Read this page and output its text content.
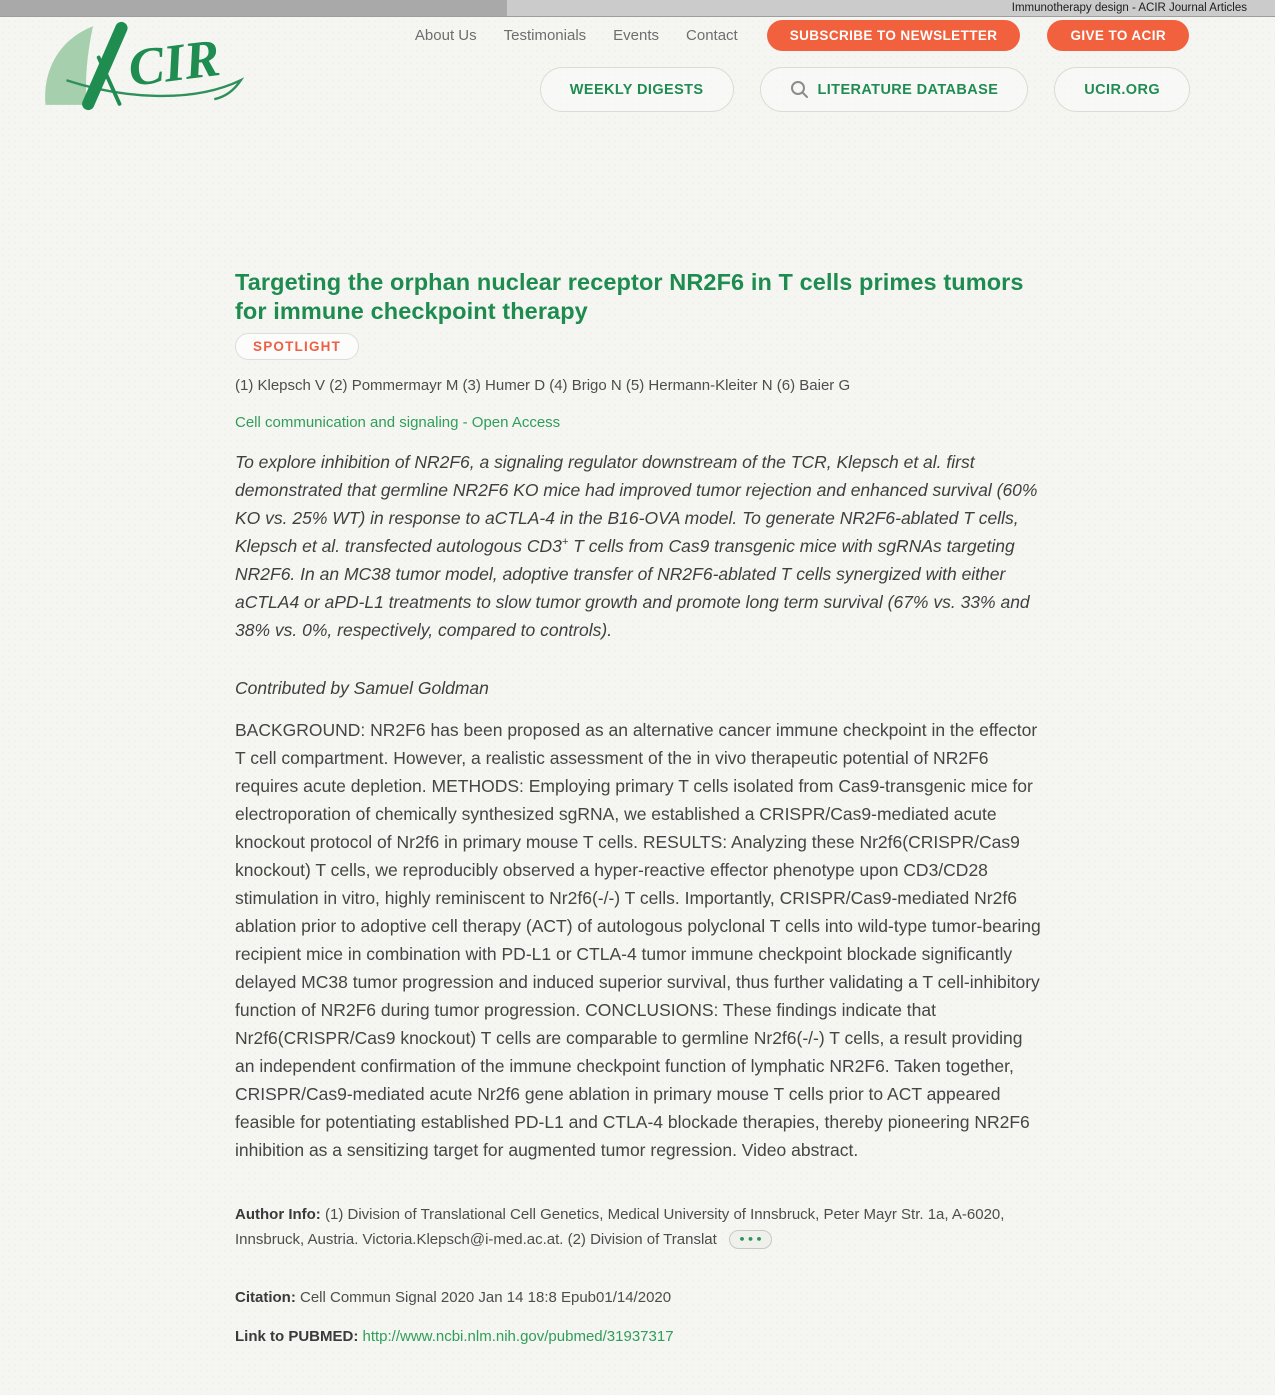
Immunotherapy design - ACIR Journal Articles
CIR	About Us Testimonials Events Contact	SUBSCRIBE TO NEWSLETTER	GIVE TO ACIR
WEEKLY DIGESTS	LITERATURE DATABASE	UCIR.ORG
Targeting the orphan nuclear receptor NR2F6 in T cells primes tumors for immune checkpoint therapy
SPOTLIGHT

(1) Klepsch V (2) Pommermayr M (3) Humer D (4) Brigo N (5) Hermann-Kleiter N (6) Baier G

Cell communication and signaling - Open Access

To explore inhibition of NR2F6, a signaling regulator downstream of the TCR, Klepsch et al. first demonstrated that germline NR2F6 KO mice had improved tumor rejection and enhanced survival (60% KO vs. 25% WT) in response to aCTLA-4 in the B16-OVA model. To generate NR2F6-ablated T cells, Klepsch et al. transfected autologous CD3+ T cells from Cas9 transgenic mice with sgRNAs targeting NR2F6. In an MC38 tumor model, adoptive transfer of NR2F6-ablated T cells synergized with either aCTLA4 or aPD-L1 treatments to slow tumor growth and promote long term survival (67% vs. 33% and 38% vs. 0%, respectively, compared to controls).

Contributed by Samuel Goldman

BACKGROUND: NR2F6 has been proposed as an alternative cancer immune checkpoint in the effector T cell compartment. However, a realistic assessment of the in vivo therapeutic potential of NR2F6 requires acute depletion. METHODS: Employing primary T cells isolated from Cas9-transgenic mice for electroporation of chemically synthesized sgRNA, we established a CRISPR/Cas9-mediated acute knockout protocol of Nr2f6 in primary mouse T cells. RESULTS: Analyzing these Nr2f6(CRISPR/Cas9 knockout) T cells, we reproducibly observed a hyper-reactive effector phenotype upon CD3/CD28 stimulation in vitro, highly reminiscent to Nr2f6(-/-) T cells. Importantly, CRISPR/Cas9-mediated Nr2f6 ablation prior to adoptive cell therapy (ACT) of autologous polyclonal T cells into wild-type tumor-bearing recipient mice in combination with PD-L1 or CTLA-4 tumor immune checkpoint blockade significantly delayed MC38 tumor progression and induced superior survival, thus further validating a T cell-inhibitory function of NR2F6 during tumor progression. CONCLUSIONS: These findings indicate that Nr2f6(CRISPR/Cas9 knockout) T cells are comparable to germline Nr2f6(-/-) T cells, a result providing an independent confirmation of the immune checkpoint function of lymphatic NR2F6. Taken together, CRISPR/Cas9-mediated acute Nr2f6 gene ablation in primary mouse T cells prior to ACT appeared feasible for potentiating established PD-L1 and CTLA-4 blockade therapies, thereby pioneering NR2F6 inhibition as a sensitizing target for augmented tumor regression. Video abstract.

Author Info: (1) Division of Translational Cell Genetics, Medical University of Innsbruck, Peter Mayr Str. 1a, A-6020, Innsbruck, Austria. Victoria.Klepsch@i-med.ac.at. (2) Division of Translat •••

Citation: Cell Commun Signal 2020 Jan 14 18:8 Epub01/14/2020

Link to PUBMED: http://www.ncbi.nlm.nih.gov/pubmed/31937317
